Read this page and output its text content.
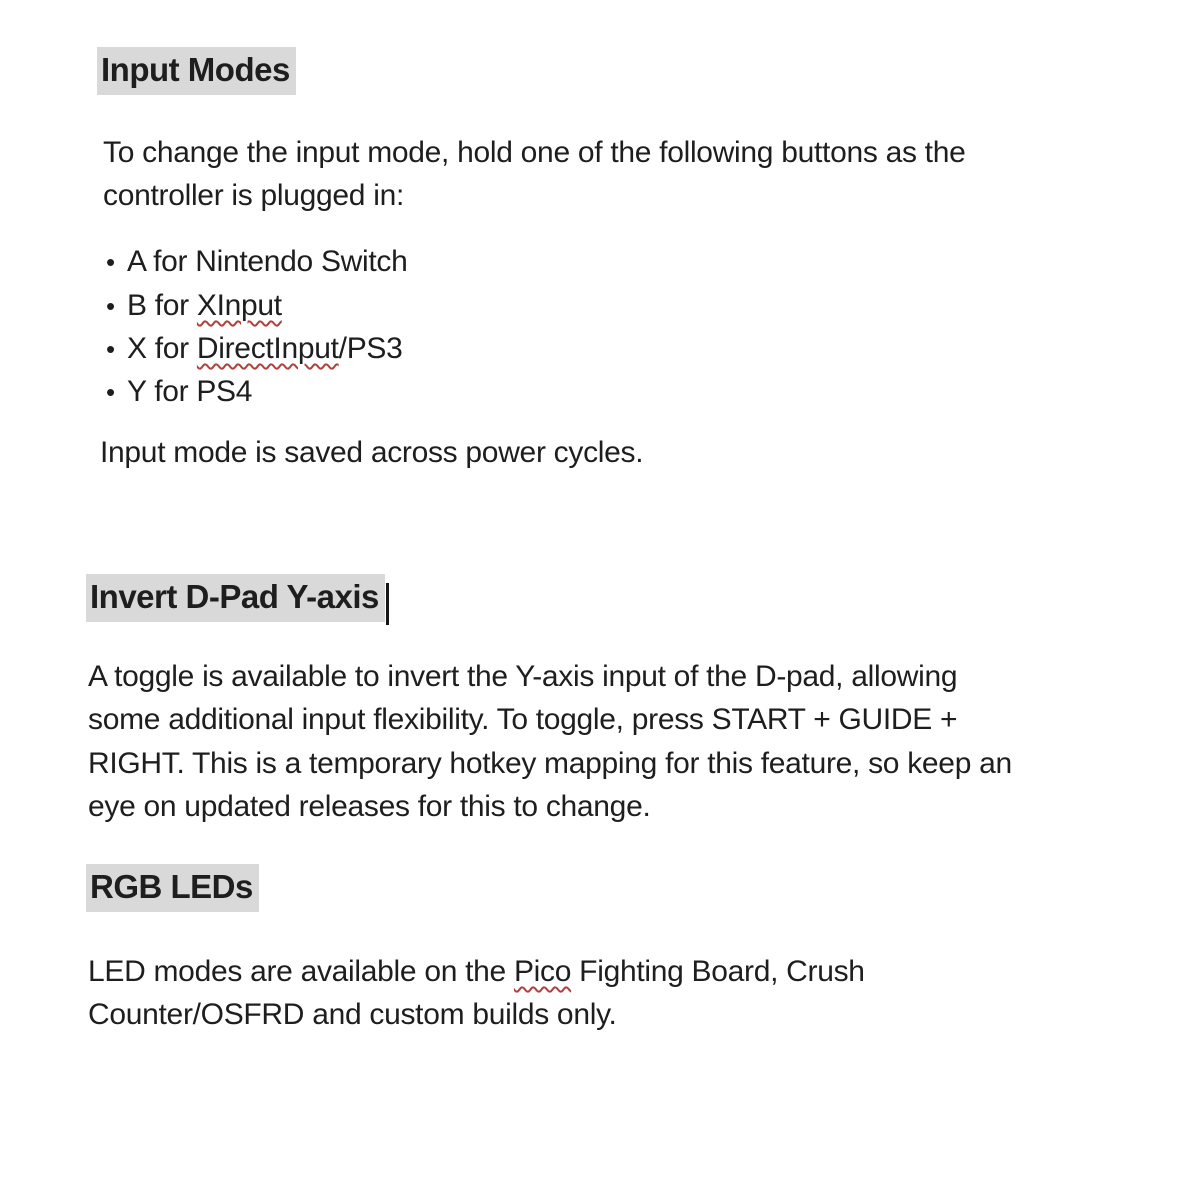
Input Modes
To change the input mode, hold one of the following buttons as the
controller is plugged in:
• A for Nintendo Switch
• B for XInput
• X for DirectInput/PS3
• Y for PS4
Input mode is saved across power cycles.
Invert D-Pad Y-axis
A toggle is available to invert the Y-axis input of the D-pad, allowing
some additional input flexibility. To toggle, press START + GUIDE +
RIGHT. This is a temporary hotkey mapping for this feature, so keep an
eye on updated releases for this to change.
RGB LEDs
LED modes are available on the Pico Fighting Board, Crush
Counter/OSFRD and custom builds only.
